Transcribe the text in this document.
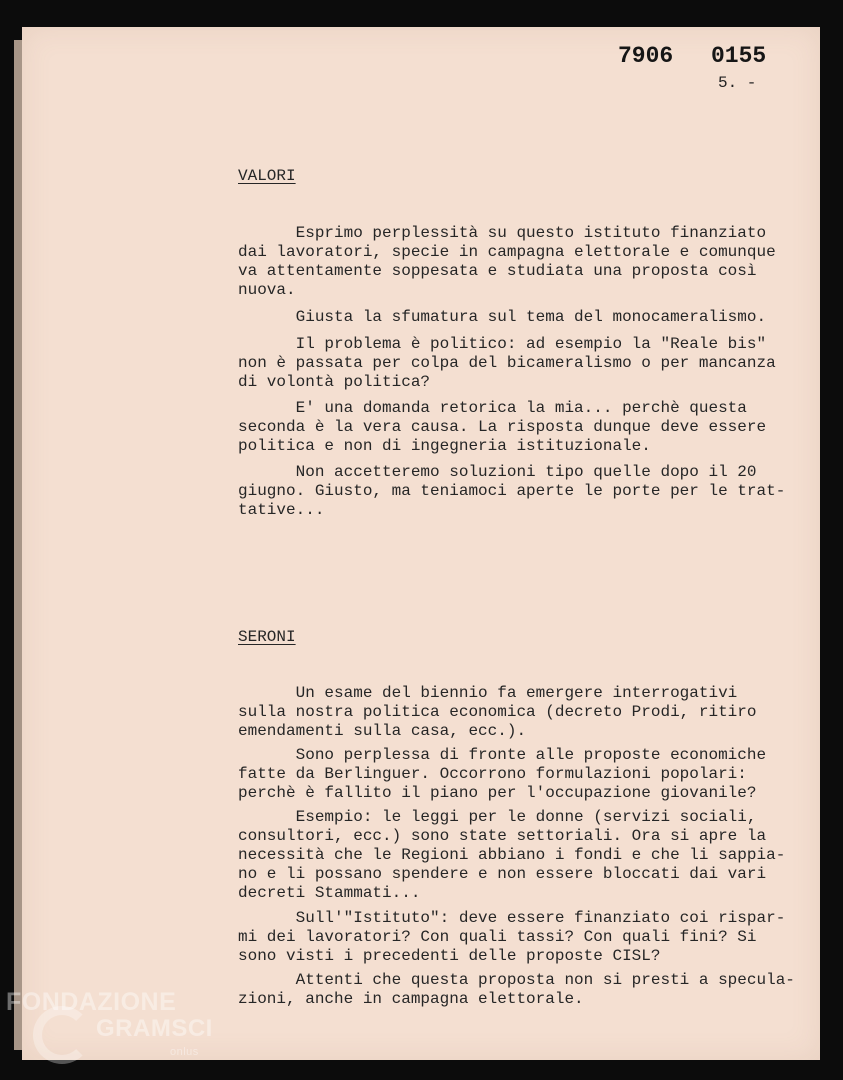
7906 0155
5. -
VALORI
Esprimo perplessità su questo istituto finanziato
dai lavoratori, specie in campagna elettorale e comunque
va attentamente soppesata e studiata una proposta così
nuova.
Giusta la sfumatura sul tema del monocameralismo.
Il problema è politico: ad esempio la "Reale bis"
non è passata per colpa del bicameralismo o per mancanza
di volontà politica?
E' una domanda retorica la mia... perchè questa
seconda è la vera causa. La risposta dunque deve essere
politica e non di ingegneria istituzionale.
Non accetteremo soluzioni tipo quelle dopo il 20
giugno. Giusto, ma teniamoci aperte le porte per le trat-
tative...
SERONI
Un esame del biennio fa emergere interrogativi
sulla nostra politica economica (decreto Prodi, ritiro
emendamenti sulla casa, ecc.).
Sono perplessa di fronte alle proposte economiche
fatte da Berlinguer. Occorrono formulazioni popolari:
perchè è fallito il piano per l'occupazione giovanile?
Esempio: le leggi per le donne (servizi sociali,
consultori, ecc.) sono state settoriali. Ora si apre la
necessità che le Regioni abbiano i fondi e che li sappia-
no e li possano spendere e non essere bloccati dai vari
decreti Stammati...
Sull'"Istituto": deve essere finanziato coi rispar-
mi dei lavoratori? Con quali tassi? Con quali fini? Si
sono visti i precedenti delle proposte CISL?
Attenti che questa proposta non si presti a specula-
zioni, anche in campagna elettorale.
FONDAZIONE
GRAMSCI
onlus
